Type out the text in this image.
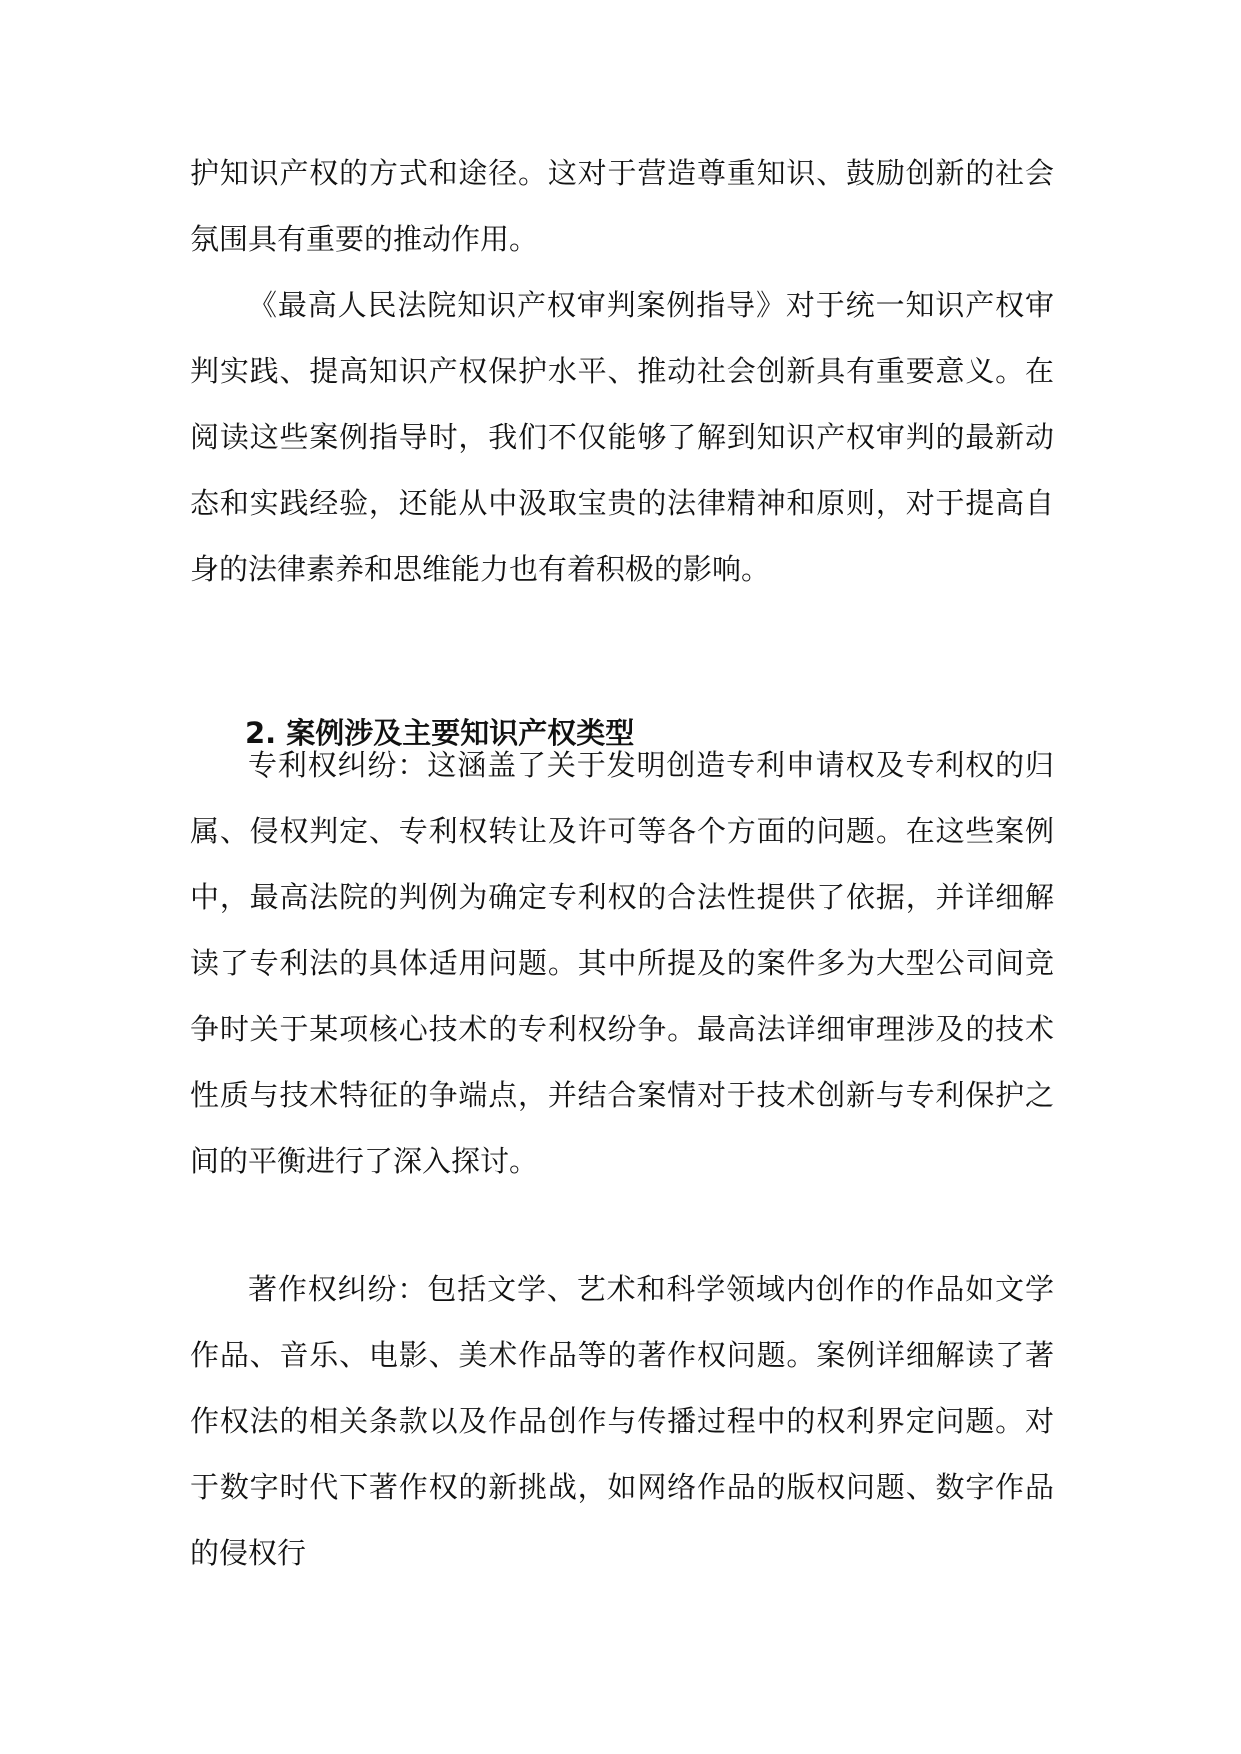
护知识产权的方式和途径。这对于营造尊重知识、鼓励创新的社会氛围具有重要的推动作用。

《最高人民法院知识产权审判案例指导》对于统一知识产权审判实践、提高知识产权保护水平、推动社会创新具有重要意义。在阅读这些案例指导时，我们不仅能够了解到知识产权审判的最新动态和实践经验，还能从中汲取宝贵的法律精神和原则，对于提高自身的法律素养和思维能力也有着积极的影响。

2. 案例涉及主要知识产权类型

专利权纠纷：这涵盖了关于发明创造专利申请权及专利权的归属、侵权判定、专利权转让及许可等各个方面的问题。在这些案例中，最高法院的判例为确定专利权的合法性提供了依据，并详细解读了专利法的具体适用问题。其中所提及的案件多为大型公司间竞争时关于某项核心技术的专利权纷争。最高法详细审理涉及的技术性质与技术特征的争端点，并结合案情对于技术创新与专利保护之间的平衡进行了深入探讨。

著作权纠纷：包括文学、艺术和科学领域内创作的作品如文学作品、音乐、电影、美术作品等的著作权问题。案例详细解读了著作权法的相关条款以及作品创作与传播过程中的权利界定问题。对于数字时代下著作权的新挑战，如网络作品的版权问题、数字作品的侵权行
